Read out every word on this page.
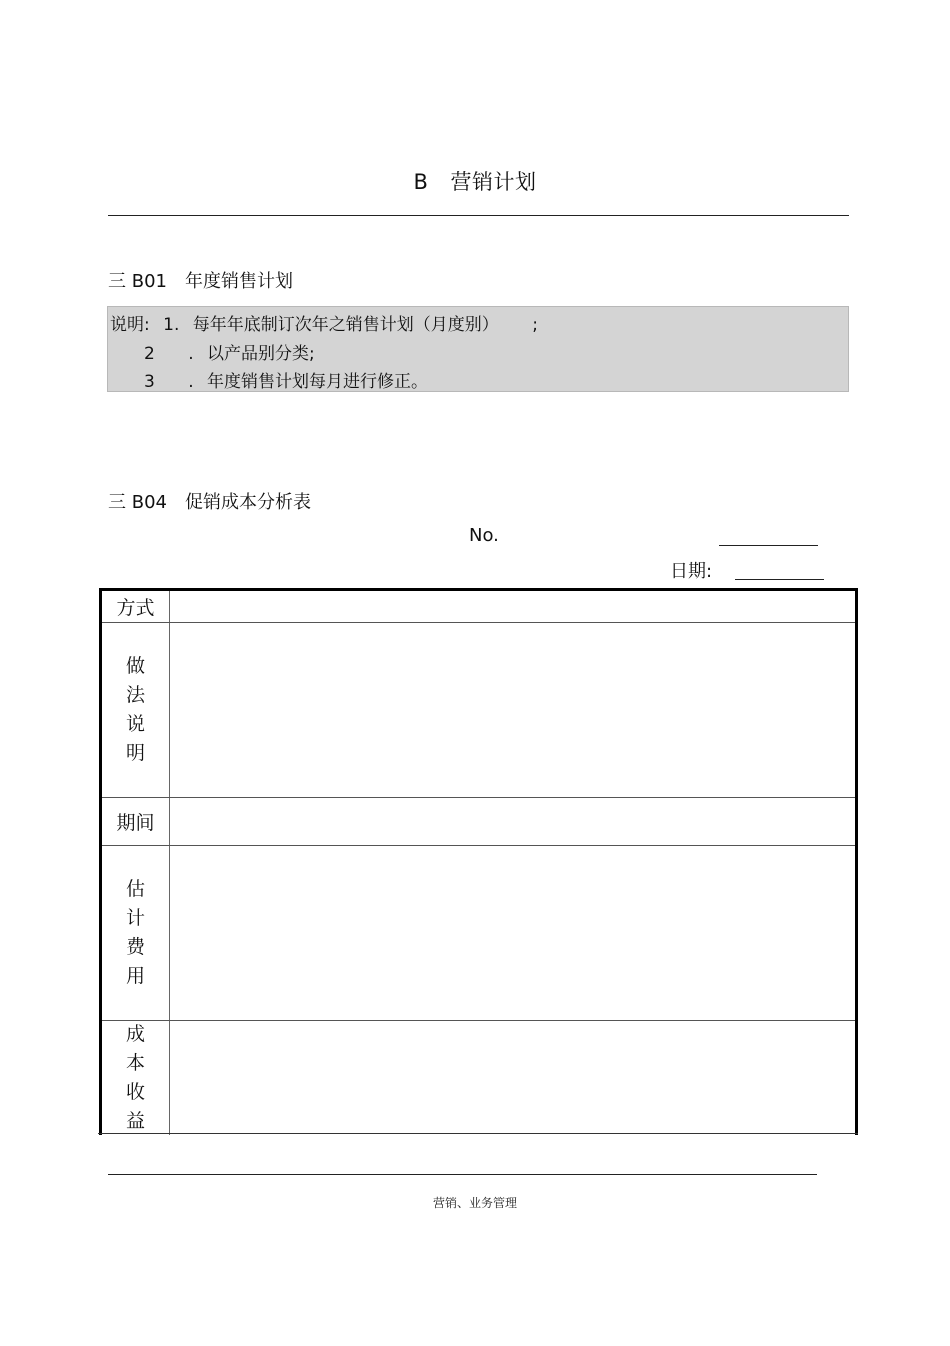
B 营销计划
三 B01 年度销售计划
说明: 1. 每年年底制订次年之销售计划（月度别） ;
2 . 以产品别分类;
3 . 年度销售计划每月进行修正。
三 B04 促销成本分析表
No.
日期:
方式
做
法
说
明
期间
估
计
费
用
成
本
收
益
营销、业务管理
